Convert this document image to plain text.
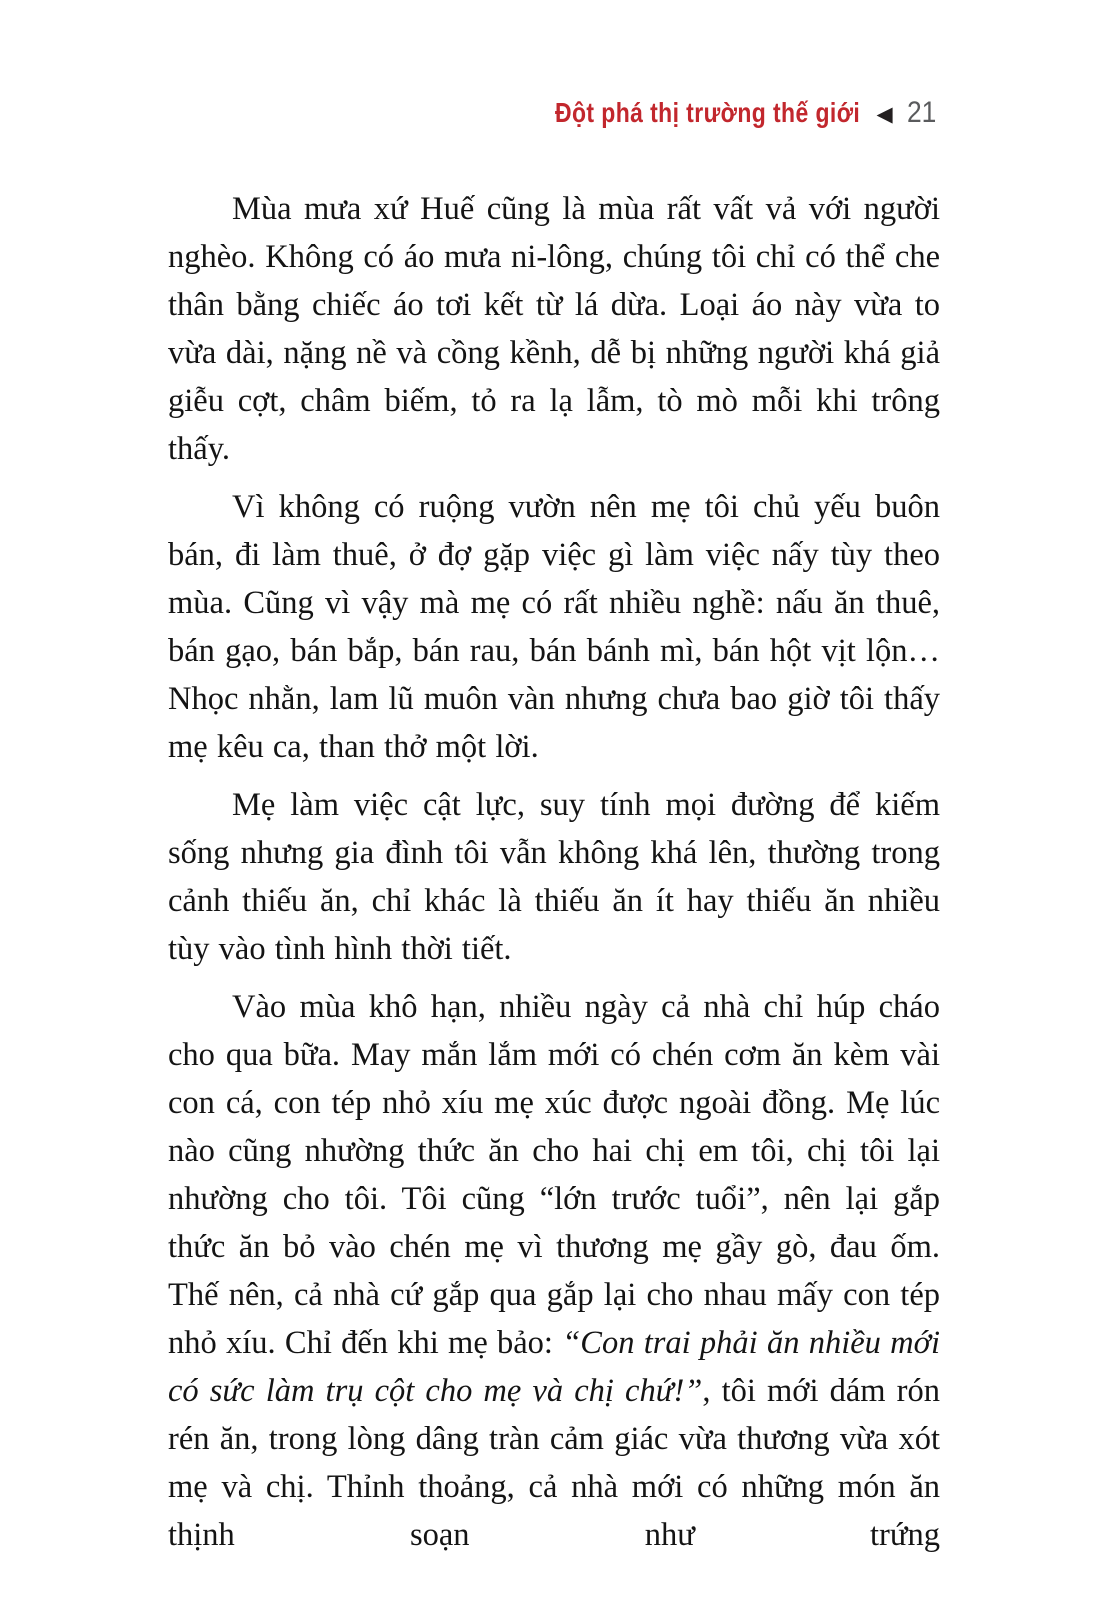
Đột phá thị trường thế giới ◀ 21

Mùa mưa xứ Huế cũng là mùa rất vất vả với người nghèo. Không có áo mưa ni-lông, chúng tôi chỉ có thể che thân bằng chiếc áo tơi kết từ lá dừa. Loại áo này vừa to vừa dài, nặng nề và cồng kềnh, dễ bị những người khá giả giễu cợt, châm biếm, tỏ ra lạ lẫm, tò mò mỗi khi trông thấy.

Vì không có ruộng vườn nên mẹ tôi chủ yếu buôn bán, đi làm thuê, ở đợ gặp việc gì làm việc nấy tùy theo mùa. Cũng vì vậy mà mẹ có rất nhiều nghề: nấu ăn thuê, bán gạo, bán bắp, bán rau, bán bánh mì, bán hột vịt lộn… Nhọc nhằn, lam lũ muôn vàn nhưng chưa bao giờ tôi thấy mẹ kêu ca, than thở một lời.

Mẹ làm việc cật lực, suy tính mọi đường để kiếm sống nhưng gia đình tôi vẫn không khá lên, thường trong cảnh thiếu ăn, chỉ khác là thiếu ăn ít hay thiếu ăn nhiều tùy vào tình hình thời tiết.

Vào mùa khô hạn, nhiều ngày cả nhà chỉ húp cháo cho qua bữa. May mắn lắm mới có chén cơm ăn kèm vài con cá, con tép nhỏ xíu mẹ xúc được ngoài đồng. Mẹ lúc nào cũng nhường thức ăn cho hai chị em tôi, chị tôi lại nhường cho tôi. Tôi cũng “lớn trước tuổi”, nên lại gắp thức ăn bỏ vào chén mẹ vì thương mẹ gầy gò, đau ốm. Thế nên, cả nhà cứ gắp qua gắp lại cho nhau mấy con tép nhỏ xíu. Chỉ đến khi mẹ bảo: “Con trai phải ăn nhiều mới có sức làm trụ cột cho mẹ và chị chứ!”, tôi mới dám rón rén ăn, trong lòng dâng tràn cảm giác vừa thương vừa xót mẹ và chị. Thỉnh thoảng, cả nhà mới có những món ăn thịnh soạn như trứng
